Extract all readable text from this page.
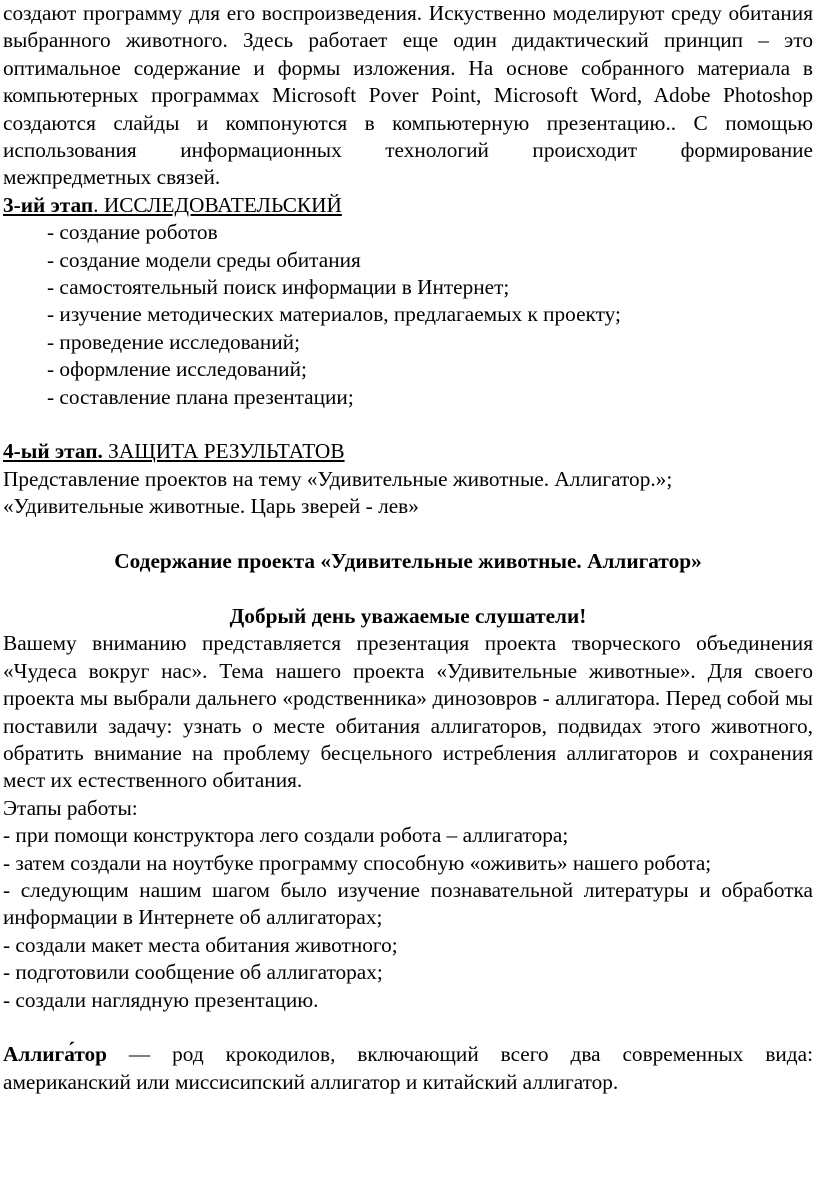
создают программу для его воспроизведения. Искуственно моделируют среду обитания выбранного животного. Здесь работает еще один дидактический принцип – это оптимальное содержание и формы изложения. На основе собранного материала в компьютерных программах Microsoft Pover Point, Microsoft Word, Adobe Photoshop создаются слайды и компонуются в компьютерную презентацию.. С помощью использования информационных технологий происходит формирование межпредметных связей.

3-ий этап. ИССЛЕДОВАТЕЛЬСКИЙ

- создание роботов

- создание модели среды обитания

- самостоятельный поиск информации в Интернет;

- изучение методических материалов, предлагаемых к проекту;

- проведение исследований;

- оформление исследований;

- составление плана презентации;

4-ый этап. ЗАЩИТА РЕЗУЛЬТАТОВ

Представление проектов на тему «Удивительные животные. Аллигатор.»;

«Удивительные животные. Царь зверей - лев»

Содержание проекта «Удивительные животные. Аллигатор»

Добрый день уважаемые слушатели!

Вашему вниманию представляется презентация проекта творческого объединения «Чудеса вокруг нас». Тема нашего проекта «Удивительные животные». Для своего проекта мы выбрали дальнего «родственника» динозовров - аллигатора. Перед собой мы поставили задачу: узнать о месте обитания аллигаторов, подвидах этого животного, обратить внимание на проблему бесцельного истребления аллигаторов и сохранения мест их естественного обитания.

Этапы работы:

- при помощи конструктора лего создали робота – аллигатора;

- затем создали на ноутбуке программу способную «оживить» нашего робота;

- следующим нашим шагом было изучение познавательной литературы и обработка информации в Интернете об аллигаторах;

- создали макет места обитания животного;

- подготовили сообщение об аллигаторах;

- создали наглядную презентацию.

Аллига́тор — род крокодилов, включающий всего два современных вида: американский или миссисипский аллигатор и китайский аллигатор.
